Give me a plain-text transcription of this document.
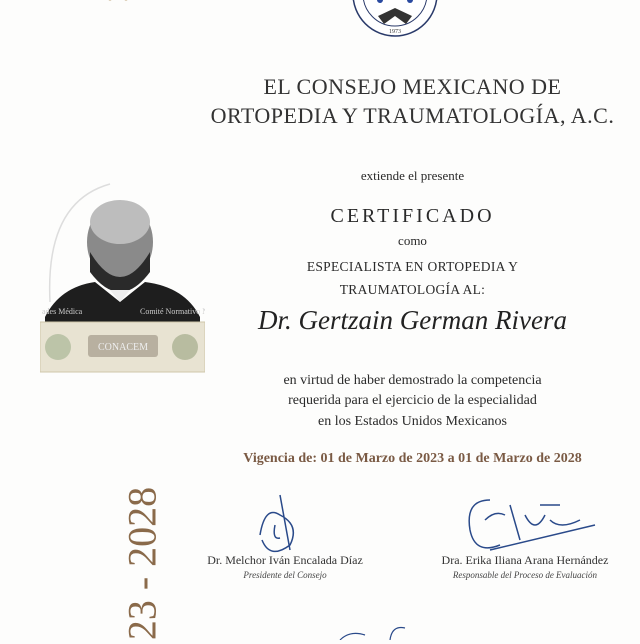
1973
EL CONSEJO MEXICANO DE
ORTOPEDIA Y TRAUMATOLOGÍA, A.C.
extiende el presente
CERTIFICADO
como
ESPECIALISTA EN ORTOPEDIA Y
TRAUMATOLOGÍA AL:
Dr. Gertzain German Rivera
en virtud de haber demostrado la competencia
requerida para el ejercicio de la especialidad
en los Estados Unidos Mexicanos
Vigencia de: 01 de Marzo de 2023 a 01 de Marzo de 2028
CONACEM
ades Médica	Comité Normativo N
23 - 2028	Dr. Melchor Iván Encalada Díaz
Presidente del Consejo
Dra. Erika Iliana Arana Hernández
Responsable del Proceso de Evaluación
